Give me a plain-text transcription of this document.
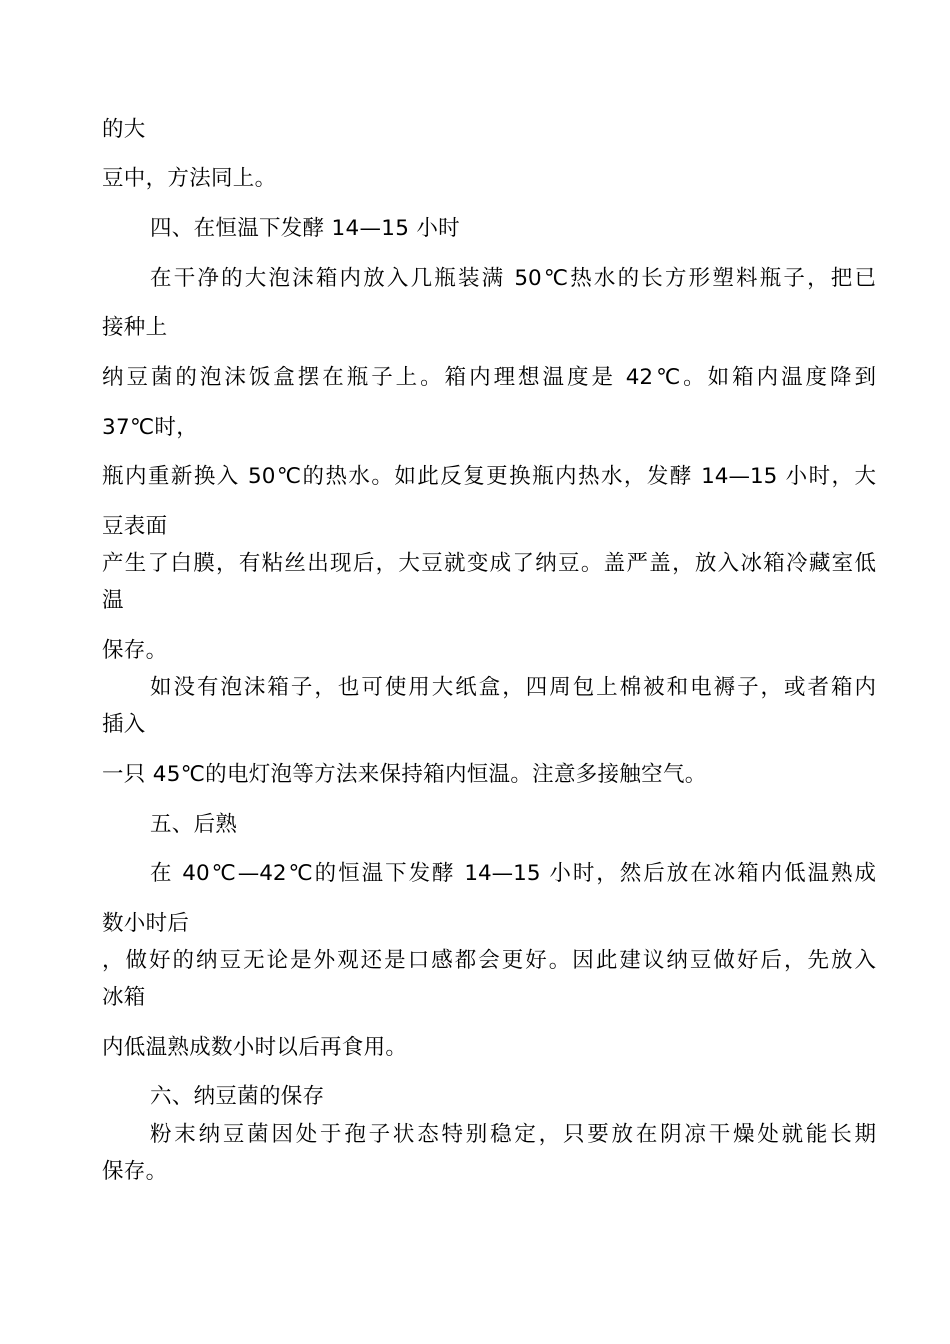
的大
豆中，方法同上。
四、在恒温下发酵 14—15 小时
在干净的大泡沫箱内放入几瓶装满 50℃热水的长方形塑料瓶子，把已
接种上
纳豆菌的泡沫饭盒摆在瓶子上。箱内理想温度是 42℃。如箱内温度降到
37℃时，
瓶内重新换入 50℃的热水。如此反复更换瓶内热水，发酵 14—15 小时，大
豆表面
产生了白膜，有粘丝出现后，大豆就变成了纳豆。盖严盖，放入冰箱冷藏室低
温
保存。
如没有泡沫箱子，也可使用大纸盒，四周包上棉被和电褥子，或者箱内
插入
一只 45℃的电灯泡等方法来保持箱内恒温。注意多接触空气。
五、后熟
在 40℃—42℃的恒温下发酵 14—15 小时，然后放在冰箱内低温熟成
数小时后
，做好的纳豆无论是外观还是口感都会更好。因此建议纳豆做好后，先放入
冰箱
内低温熟成数小时以后再食用。
六、纳豆菌的保存
粉末纳豆菌因处于孢子状态特别稳定，只要放在阴凉干燥处就能长期
保存。
